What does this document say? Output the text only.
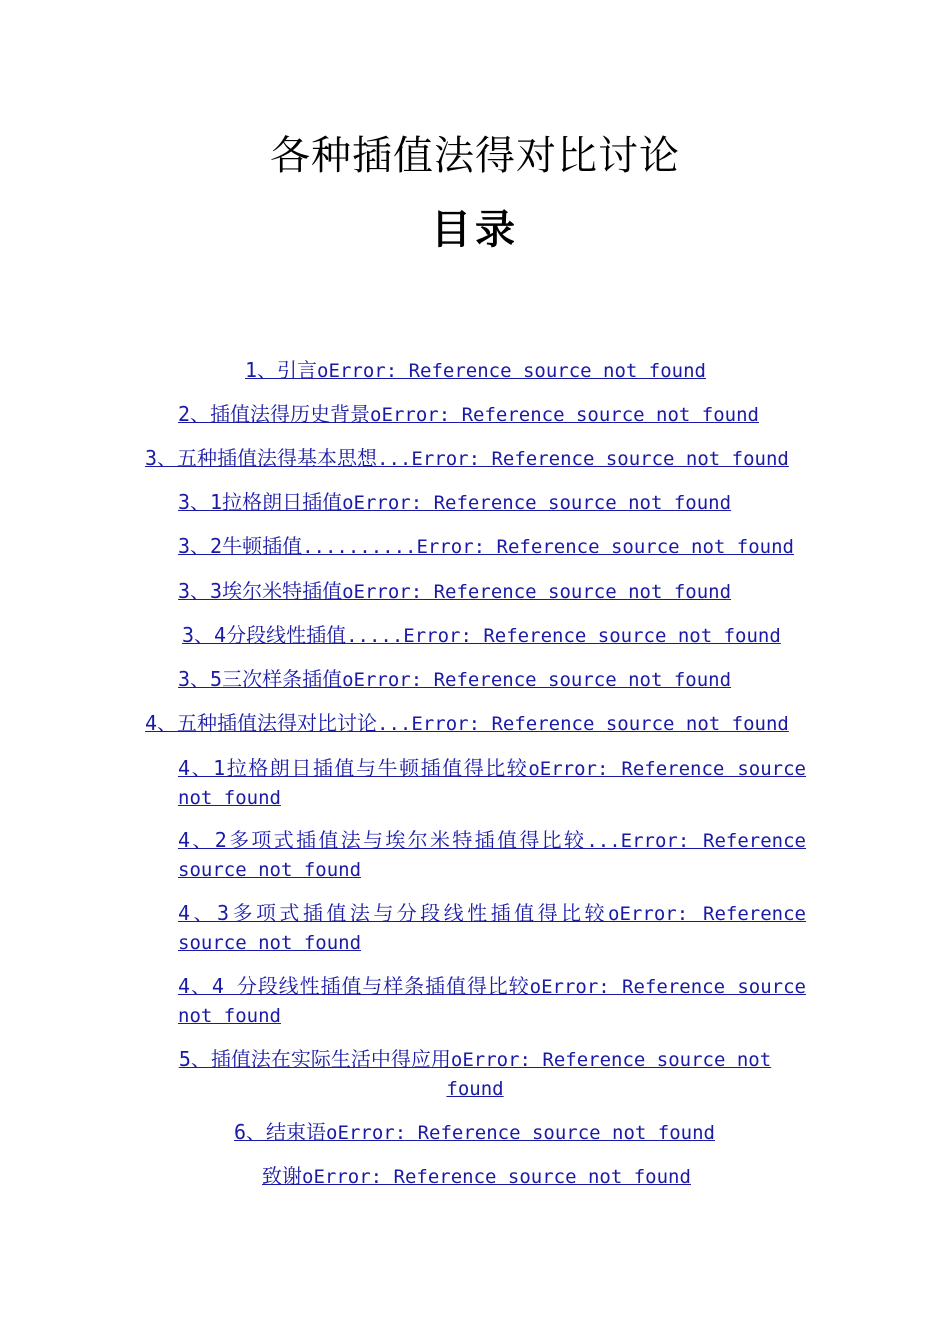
各种插值法得对比讨论
目录
1、引言oError: Reference source not found
2、插值法得历史背景oError: Reference source not found
3、五种插值法得基本思想...Error: Reference source not found
3、1拉格朗日插值oError: Reference source not found
3、2牛顿插值..........Error: Reference source not found
3、3埃尔米特插值oError: Reference source not found
3、4分段线性插值.....Error: Reference source not found
3、5三次样条插值oError: Reference source not found
4、五种插值法得对比讨论...Error: Reference source not found
4、1拉格朗日插值与牛顿插值得比较oError: Reference source not found
4、2多项式插值法与埃尔米特插值得比较...Error: Reference source not found
4、3多项式插值法与分段线性插值得比较oError: Reference source not found
4、4 分段线性插值与样条插值得比较oError: Reference source not found
5、插值法在实际生活中得应用oError: Reference source not found
6、结束语oError: Reference source not found
致谢oError: Reference source not found
